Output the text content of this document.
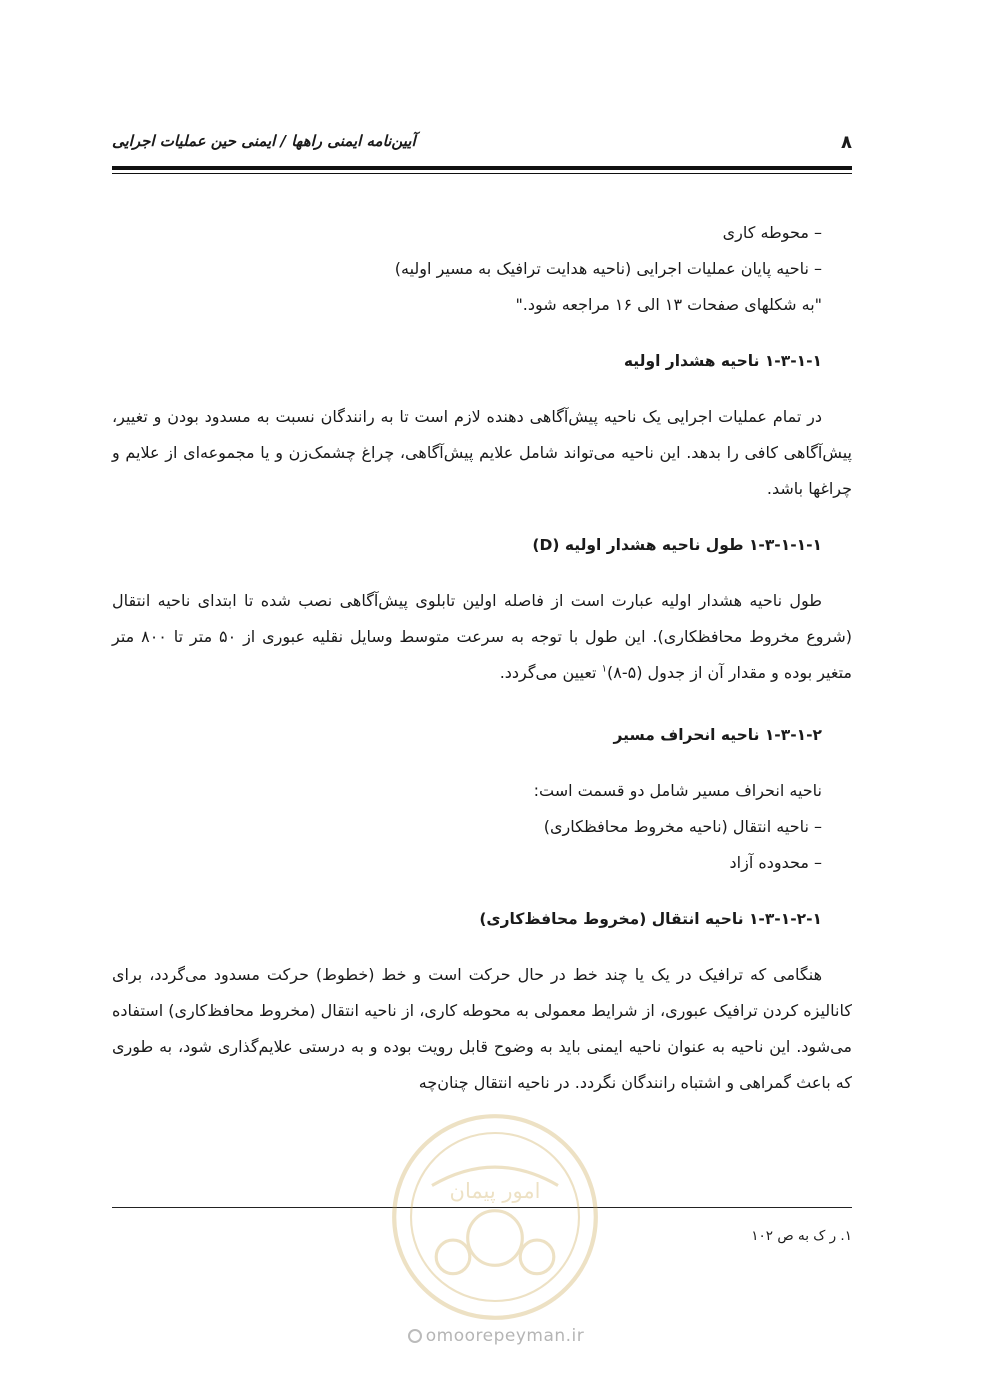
۸
آیین‌نامه ایمنی راهها / ایمنی حین عملیات اجرایی

– محوطه کاری

– ناحیه پایان عملیات اجرایی (ناحیه هدایت ترافیک به مسیر اولیه)

"به شکلهای صفحات ۱۳ الی ۱۶ مراجعه شود."

۱-۳-۱-۱ ناحیه هشدار اولیه

در تمام عملیات اجرایی یک ناحیه پیش‌آگاهی دهنده لازم است تا به رانندگان نسبت به مسدود بودن و تغییر، پیش‌آگاهی کافی را بدهد. این ناحیه می‌تواند شامل علایم پیش‌آگاهی، چراغ چشمک‌زن و یا مجموعه‌ای از علایم و چراغها باشد.

۱-۳-۱-۱-۱ طول ناحیه هشدار اولیه (D)

طول ناحیه هشدار اولیه عبارت است از فاصله اولین تابلوی پیش‌آگاهی نصب شده تا ابتدای ناحیه انتقال (شروع مخروط محافظکاری). این طول با توجه به سرعت متوسط وسایل نقلیه عبوری از ۵۰ متر تا ۸۰۰ متر متغیر بوده و مقدار آن از جدول (۵-۸)$^۱$ تعیین می‌گردد.

۱-۳-۱-۲ ناحیه انحراف مسیر

ناحیه انحراف مسیر شامل دو قسمت است:

– ناحیه انتقال (ناحیه مخروط محافظکاری)

– محدوده آزاد

۱-۳-۱-۲-۱ ناحیه انتقال (مخروط محافظ‌کاری)

هنگامی که ترافیک در یک یا چند خط در حال حرکت است و خط (خطوط) حرکت مسدود می‌گردد، برای کانالیزه کردن ترافیک عبوری، از شرایط معمولی به محوطه کاری، از ناحیه انتقال (مخروط محافظ‌کاری) استفاده می‌شود. این ناحیه به عنوان ناحیه ایمنی باید به وضوح قابل رویت بوده و به درستی علایم‌گذاری شود، به طوری که باعث گمراهی و اشتباه رانندگان نگردد. در ناحیه انتقال چنان‌چه

۱. ر ک به ص ۱۰۲
امور پیمان
omoorepeyman.ir
